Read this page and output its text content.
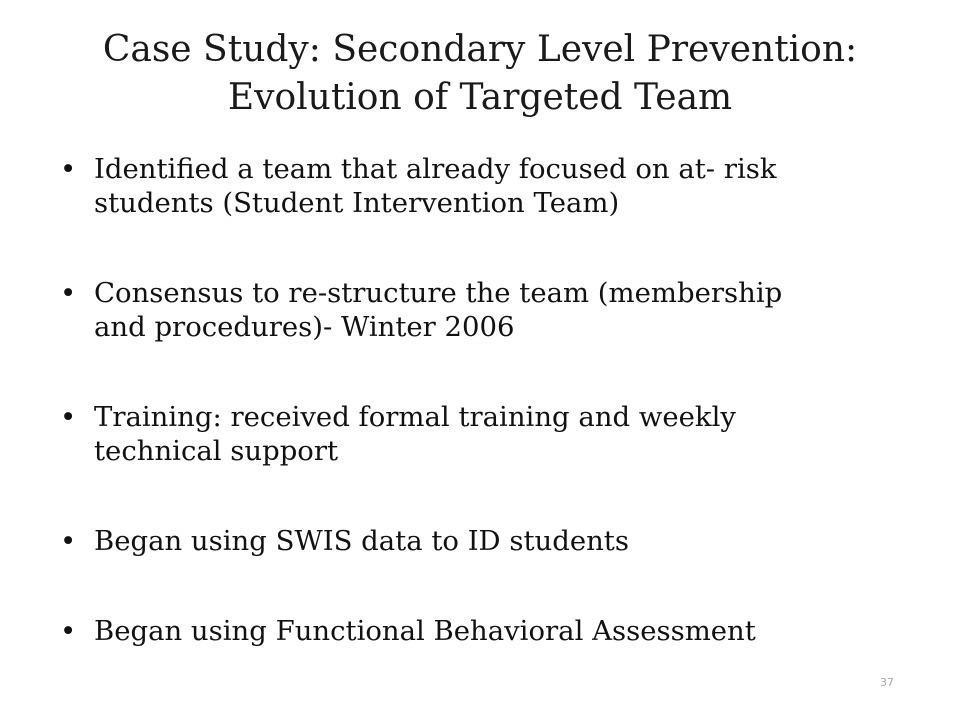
Case Study: Secondary Level Prevention:
Evolution of Targeted Team
• Identified a team that already focused on at- risk
students (Student Intervention Team)
• Consensus to re-structure the team (membership
and procedures)- Winter 2006
• Training: received formal training and weekly
technical support
• Began using SWIS data to ID students
• Began using Functional Behavioral Assessment
37
